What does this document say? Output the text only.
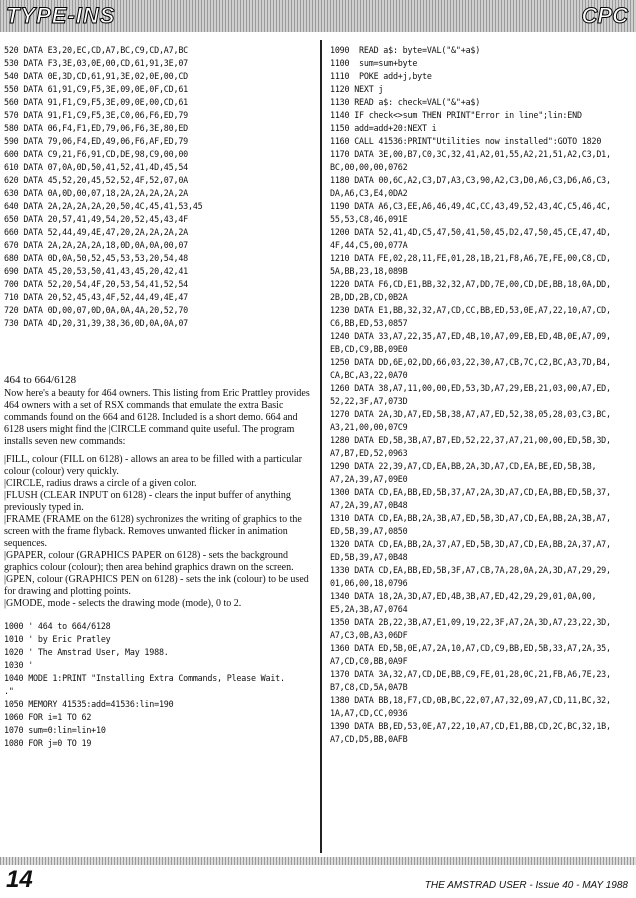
TYPE-INS	CPC
520 DATA E3,20,EC,CD,A7,BC,C9,CD,A7,BC
530 DATA F3,3E,03,0E,00,CD,61,91,3E,07
540 DATA 0E,3D,CD,61,91,3E,02,0E,00,CD
550 DATA 61,91,C9,F5,3E,09,0E,0F,CD,61
560 DATA 91,F1,C9,F5,3E,09,0E,00,CD,61
570 DATA 91,F1,C9,F5,3E,C0,06,F6,ED,79
580 DATA 06,F4,F1,ED,79,06,F6,3E,80,ED
590 DATA 79,06,F4,ED,49,06,F6,AF,ED,79
600 DATA C9,21,F6,91,CD,DE,98,C9,00,00
610 DATA 07,0A,0D,50,41,52,41,4D,45,54
620 DATA 45,52,20,45,52,52,4F,52,07,0A
630 DATA 0A,0D,00,07,18,2A,2A,2A,2A,2A
640 DATA 2A,2A,2A,2A,20,50,4C,45,41,53,45
650 DATA 20,57,41,49,54,20,52,45,43,4F
660 DATA 52,44,49,4E,47,20,2A,2A,2A,2A
670 DATA 2A,2A,2A,2A,18,0D,0A,0A,00,07
680 DATA 0D,0A,50,52,45,53,53,20,54,48
690 DATA 45,20,53,50,41,43,45,20,42,41
700 DATA 52,20,54,4F,20,53,54,41,52,54
710 DATA 20,52,45,43,4F,52,44,49,4E,47
720 DATA 0D,00,07,0D,0A,0A,4A,20,52,70
730 DATA 4D,20,31,39,38,36,0D,0A,0A,07
464 to 664/6128

Now here's a beauty for 464 owners. This listing from Eric Prattley provides 464 owners with a set of RSX commands that emulate the extra Basic commands found on the 664 and 6128. Included is a short demo. 664 and 6128 users might find the |CIRCLE command quite useful. The program installs seven new commands:

|FILL, colour (FILL on 6128) - allows an area to be filled with a particular colour (colour) very quickly.

|CIRCLE, radius draws a circle of a given color.

|FLUSH (CLEAR INPUT on 6128) - clears the input buffer of anything previously typed in.

|FRAME (FRAME on the 6128) sychronizes the writing of graphics to the screen with the frame flyback. Removes unwanted flicker in animation sequences.

|GPAPER, colour (GRAPHICS PAPER on 6128) - sets the background graphics colour (colour); then area behind graphics drawn on the screen.

|GPEN, colour (GRAPHICS PEN on 6128) - sets the ink (colour) to be used for drawing and plotting points.

|GMODE, mode - selects the drawing mode (mode), 0 to 2.

1000 ' 464 to 664/6128
1010 ' by Eric Pratley
1020 ' The Amstrad User, May 1988.
1030 '
1040 MODE 1:PRINT "Installing Extra Commands, Please Wait.
."
1050 MEMORY 41535:add=41536:lin=190
1060 FOR i=1 TO 62
1070 sum=0:lin=lin+10
1080 FOR j=0 TO 19
1090  READ a$: byte=VAL("&"+a$)
1100  sum=sum+byte
1110  POKE add+j,byte
1120 NEXT j
1130 READ a$: check=VAL("&"+a$)
1140 IF check<>sum THEN PRINT"Error in line";lin:END
1150 add=add+20:NEXT i
1160 CALL 41536:PRINT"Utilities now installed":GOTO 1820
1170 DATA 3E,00,B7,C0,3C,32,41,A2,01,55,A2,21,51,A2,C3,D1,
BC,00,00,00,0762
1180 DATA 00,6C,A2,C3,D7,A3,C3,90,A2,C3,D0,A6,C3,D6,A6,C3,
DA,A6,C3,E4,0DA2
1190 DATA A6,C3,EE,A6,46,49,4C,CC,43,49,52,43,4C,C5,46,4C,
55,53,C8,46,091E
1200 DATA 52,41,4D,C5,47,50,41,50,45,D2,47,50,45,CE,47,4D,
4F,44,C5,00,077A
1210 DATA FE,02,28,11,FE,01,28,1B,21,F8,A6,7E,FE,00,C8,CD,
5A,BB,23,18,089B
1220 DATA F6,CD,E1,BB,32,32,A7,DD,7E,00,CD,DE,BB,18,0A,DD,
2B,DD,2B,CD,0B2A
1230 DATA E1,BB,32,32,A7,CD,CC,BB,ED,53,0E,A7,22,10,A7,CD,
C6,BB,ED,53,0857
1240 DATA 33,A7,22,35,A7,ED,4B,10,A7,09,EB,ED,4B,0E,A7,09,
EB,CD,C9,BB,09E0
1250 DATA DD,6E,02,DD,66,03,22,30,A7,CB,7C,C2,BC,A3,7D,B4,
CA,BC,A3,22,0A70
1260 DATA 38,A7,11,00,00,ED,53,3D,A7,29,EB,21,03,00,A7,ED,
52,22,3F,A7,073D
1270 DATA 2A,3D,A7,ED,5B,38,A7,A7,ED,52,38,05,28,03,C3,BC,
A3,21,00,00,07C9
1280 DATA ED,5B,3B,A7,B7,ED,52,22,37,A7,21,00,00,ED,5B,3D,
A7,B7,ED,52,0963
1290 DATA 22,39,A7,CD,EA,BB,2A,3D,A7,CD,EA,BE,ED,5B,3B,
A7,2A,39,A7,09E0
1300 DATA CD,EA,BB,ED,5B,37,A7,2A,3D,A7,CD,EA,BB,ED,5B,37,
A7,2A,39,A7,0B48
1310 DATA CD,EA,BB,2A,3B,A7,ED,5B,3D,A7,CD,EA,BB,2A,3B,A7,
ED,5B,39,A7,0850
1320 DATA CD,EA,BB,2A,37,A7,ED,5B,3D,A7,CD,EA,BB,2A,37,A7,
ED,5B,39,A7,0B48
1330 DATA CD,EA,BB,ED,5B,3F,A7,CB,7A,28,0A,2A,3D,A7,29,29,
01,06,00,18,0796
1340 DATA 18,2A,3D,A7,ED,4B,3B,A7,ED,42,29,29,01,0A,00,
E5,2A,3B,A7,0764
1350 DATA 2B,22,3B,A7,E1,09,19,22,3F,A7,2A,3D,A7,23,22,3D,
A7,C3,0B,A3,06DF
1360 DATA ED,5B,0E,A7,2A,10,A7,CD,C9,BB,ED,5B,33,A7,2A,35,
A7,CD,C0,BB,0A9F
1370 DATA 3A,32,A7,CD,DE,BB,C9,FE,01,28,0C,21,FB,A6,7E,23,
B7,C8,CD,5A,0A7B
1380 DATA BB,18,F7,CD,0B,BC,22,07,A7,32,09,A7,CD,11,BC,32,
1A,A7,CD,CC,0936
1390 DATA BB,ED,53,0E,A7,22,10,A7,CD,E1,BB,CD,2C,BC,32,1B,
A7,CD,D5,BB,0AFB
14	THE AMSTRAD USER - Issue 40 - MAY 1988
